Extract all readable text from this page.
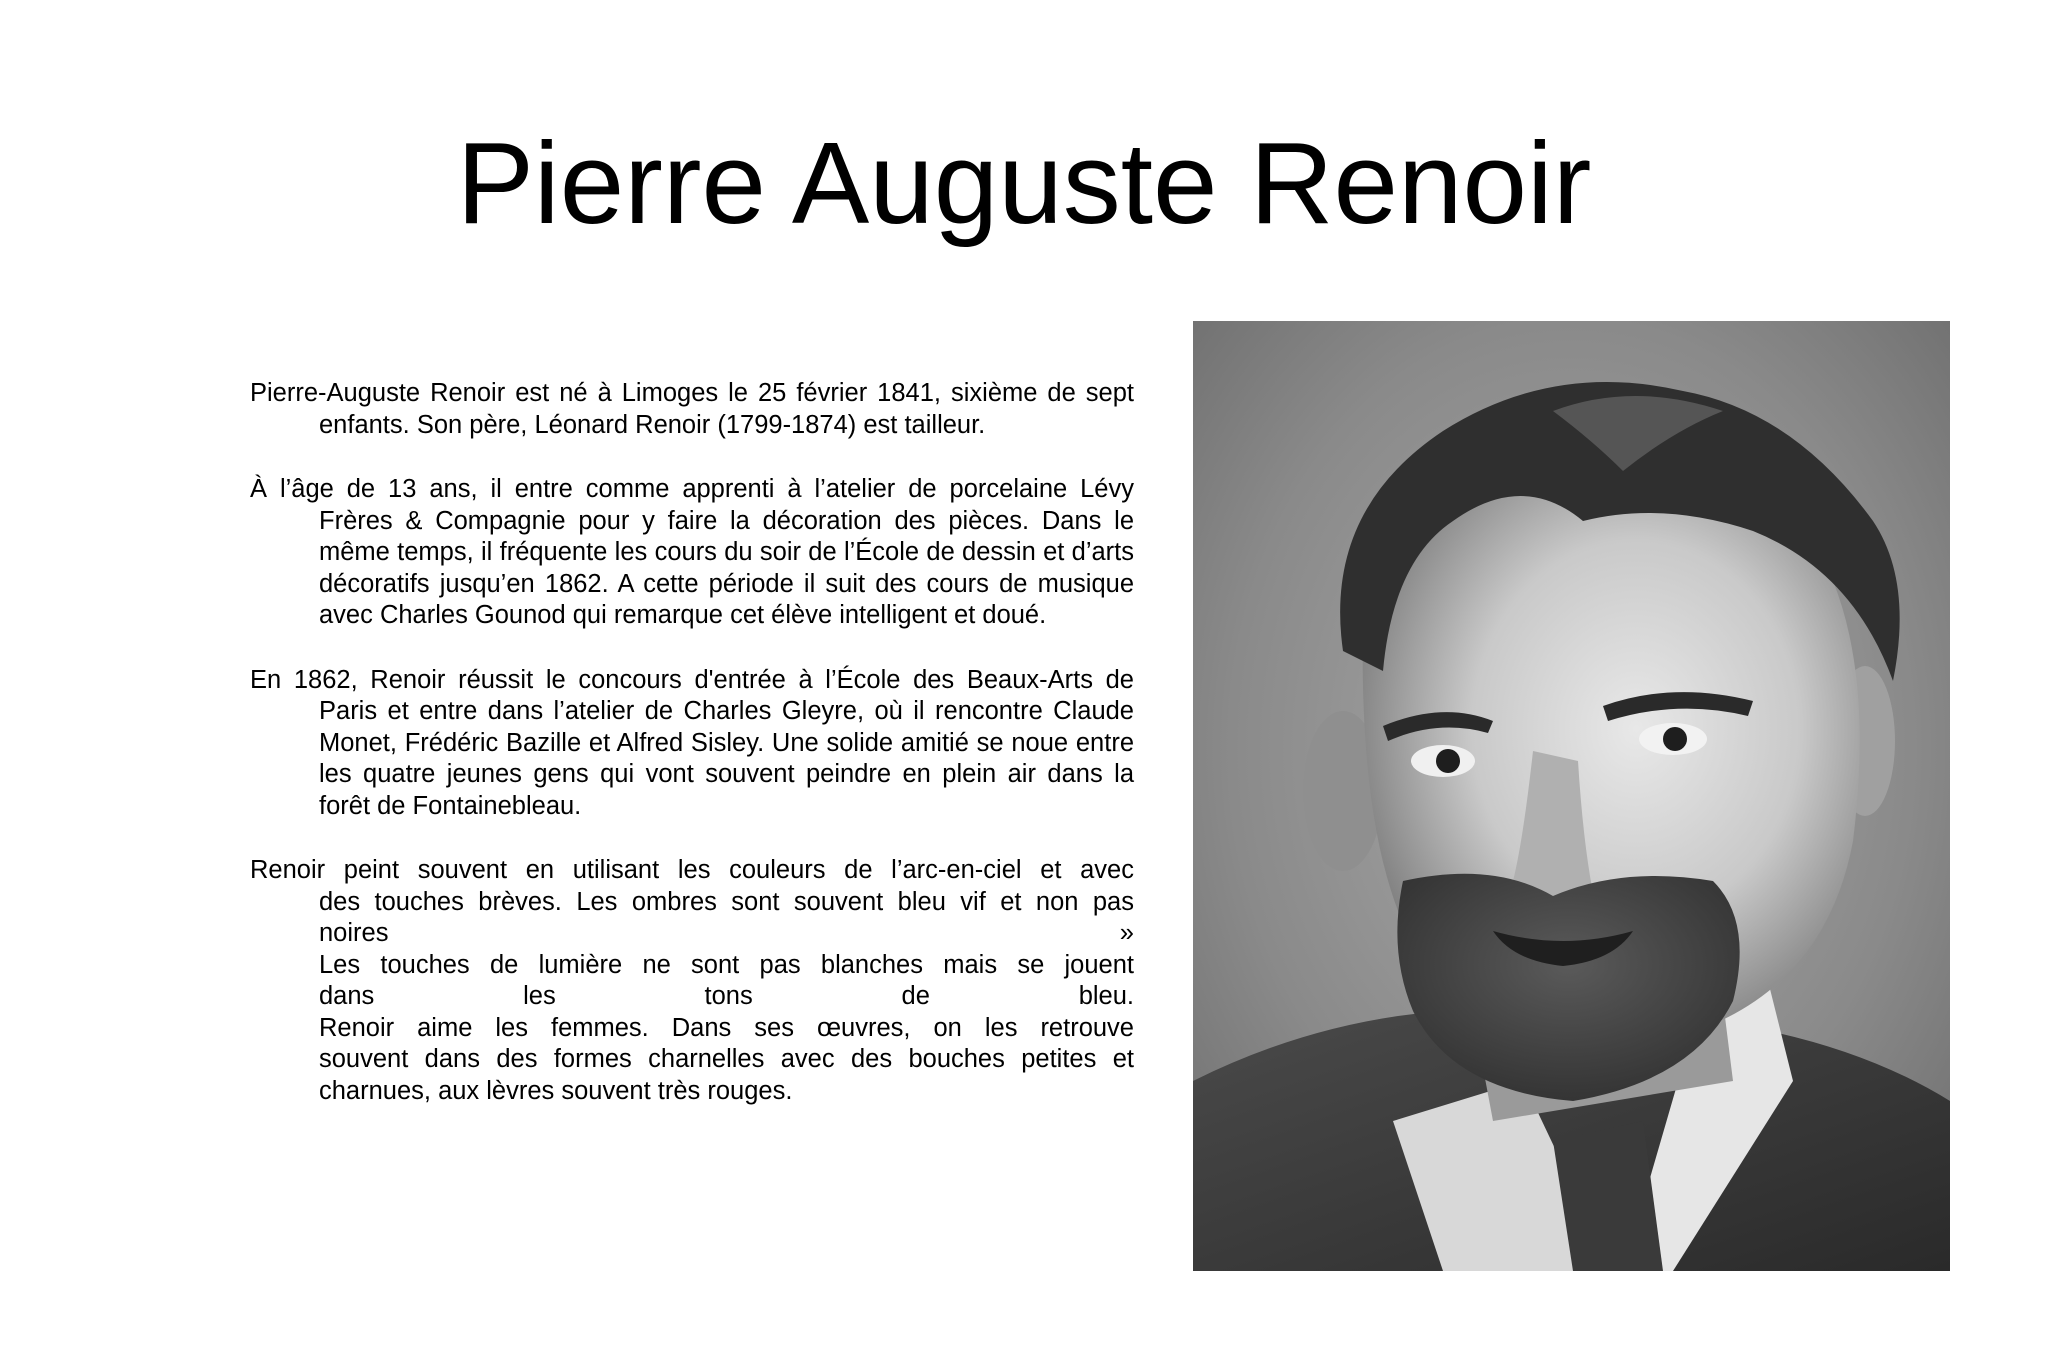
Pierre Auguste Renoir

Pierre-Auguste Renoir est né à Limoges le 25 février 1841, sixième de sept enfants. Son père, Léonard Renoir (1799-1874) est tailleur.

À l’âge de 13 ans, il entre comme apprenti à l’atelier de porcelaine Lévy Frères & Compagnie pour y faire la décoration des pièces. Dans le même temps, il fréquente les cours du soir de l’École de dessin et d’arts décoratifs jusqu’en 1862. A cette période il suit des cours de musique avec Charles Gounod qui remarque cet élève intelligent et doué.

En 1862, Renoir réussit le concours d'entrée à l’École des Beaux-Arts de Paris et entre dans l’atelier de Charles Gleyre, où il rencontre Claude Monet, Frédéric Bazille et Alfred Sisley. Une solide amitié se noue entre les quatre jeunes gens qui vont souvent peindre en plein air dans la forêt de Fontainebleau.

Renoir peint souvent en utilisant les couleurs de l’arc-en-ciel et avec
des touches brèves. Les ombres sont souvent bleu vif et non pas
noires »
Les touches de lumière ne sont pas blanches mais se jouent
dans les tons de bleu.
Renoir aime les femmes. Dans ses œuvres, on les retrouve
souvent dans des formes charnelles avec des bouches petites et
charnues, aux lèvres souvent très rouges.
